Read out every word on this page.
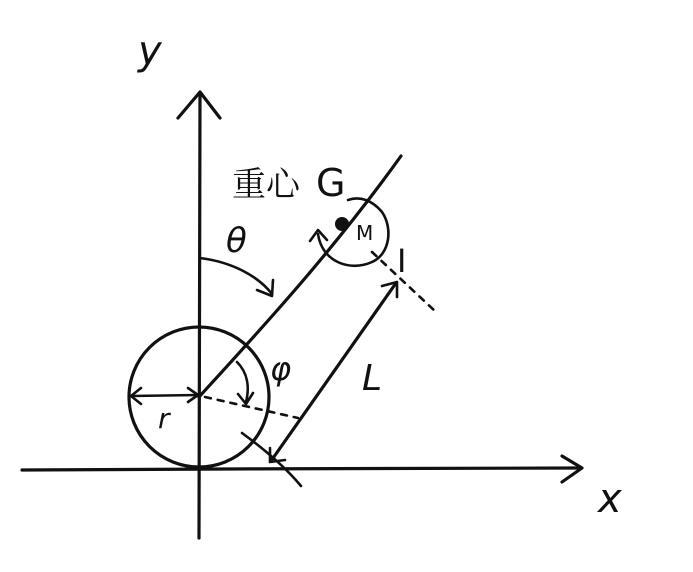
y
x
重心 G
M
I
θ
φ L
r
